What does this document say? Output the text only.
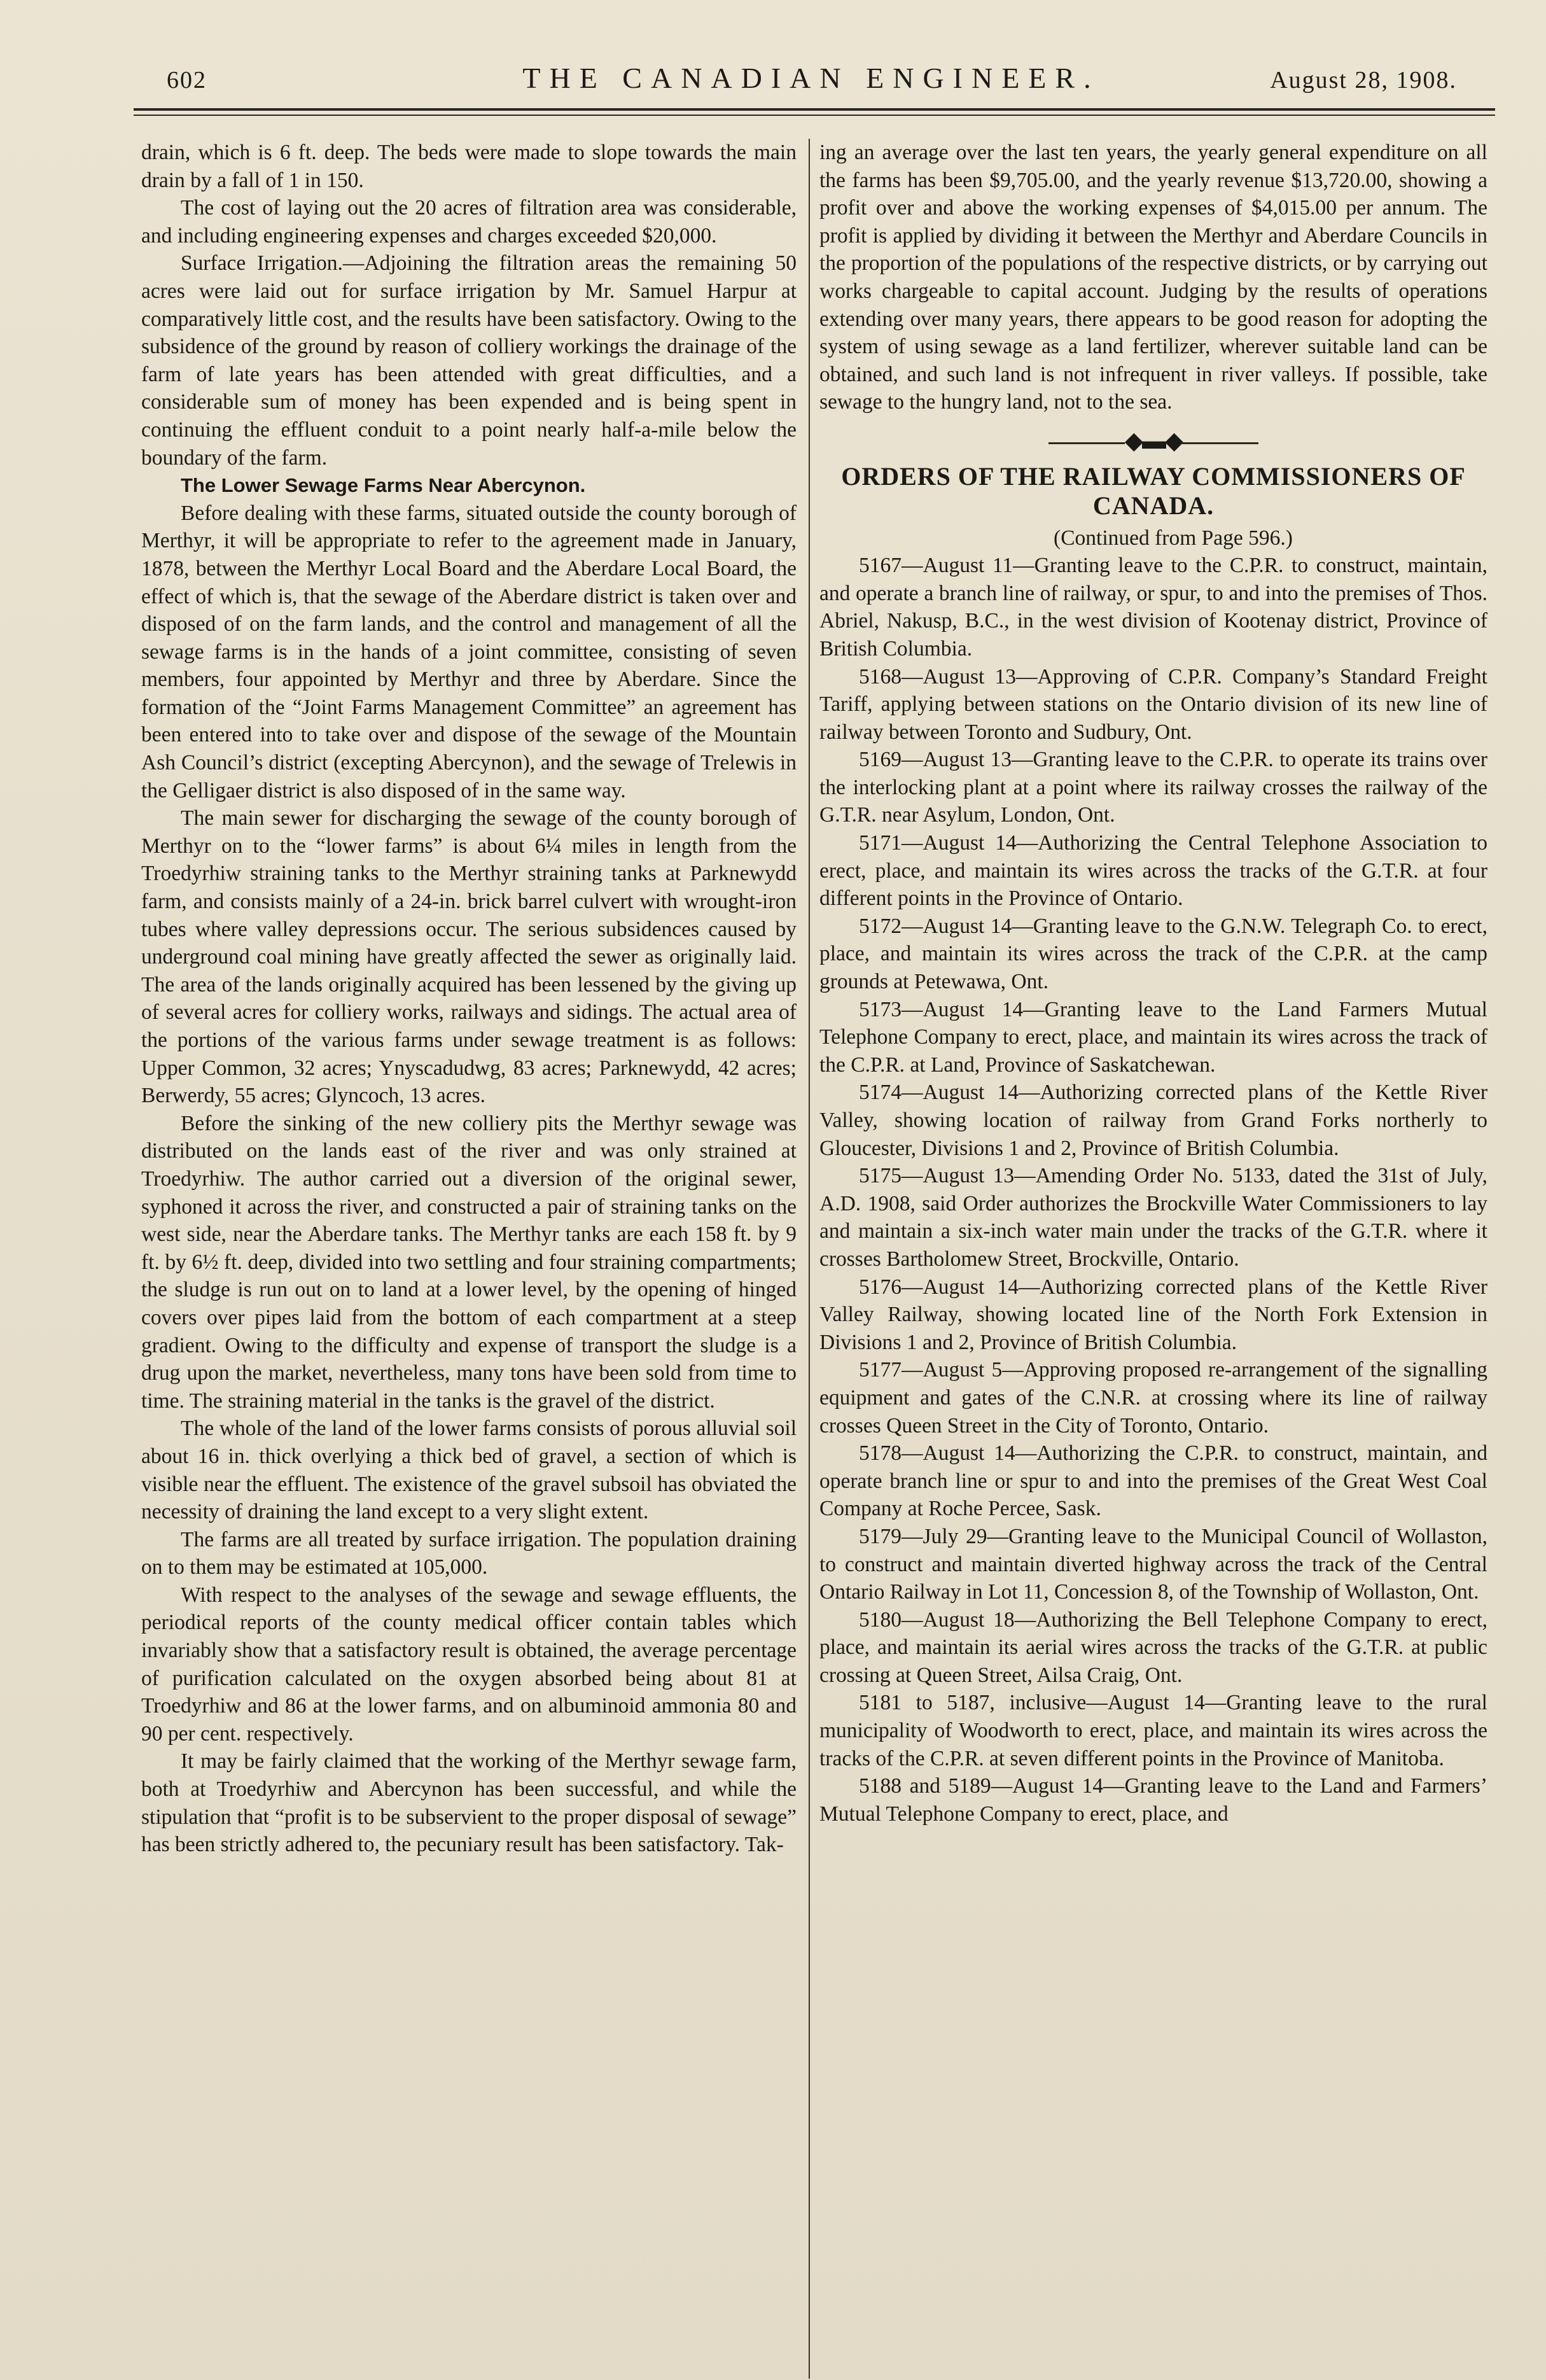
602	THE CANADIAN ENGINEER.	August 28, 1908.

drain, which is 6 ft. deep. The beds were made to slope towards the main drain by a fall of 1 in 150.

The cost of laying out the 20 acres of filtration area was considerable, and including engineering expenses and charges exceeded $20,000.

Surface Irrigation.—Adjoining the filtration areas the remaining 50 acres were laid out for surface irrigation by Mr. Samuel Harpur at comparatively little cost, and the results have been satisfactory. Owing to the subsidence of the ground by reason of colliery workings the drainage of the farm of late years has been attended with great difficulties, and a considerable sum of money has been expended and is being spent in continuing the effluent conduit to a point nearly half-a-mile below the boundary of the farm.

The Lower Sewage Farms Near Abercynon.

Before dealing with these farms, situated outside the county borough of Merthyr, it will be appropriate to refer to the agreement made in January, 1878, between the Merthyr Local Board and the Aberdare Local Board, the effect of which is, that the sewage of the Aberdare district is taken over and disposed of on the farm lands, and the control and management of all the sewage farms is in the hands of a joint committee, consisting of seven members, four appointed by Merthyr and three by Aberdare. Since the formation of the “Joint Farms Management Committee” an agreement has been entered into to take over and dispose of the sewage of the Mountain Ash Council’s district (excepting Abercynon), and the sewage of Trelewis in the Gelligaer district is also disposed of in the same way.

The main sewer for discharging the sewage of the county borough of Merthyr on to the “lower farms” is about 6¼ miles in length from the Troedyrhiw straining tanks to the Merthyr straining tanks at Parknewydd farm, and consists mainly of a 24-in. brick barrel culvert with wrought-iron tubes where valley depressions occur. The serious subsidences caused by underground coal mining have greatly affected the sewer as originally laid. The area of the lands originally acquired has been lessened by the giving up of several acres for colliery works, railways and sidings. The actual area of the portions of the various farms under sewage treatment is as follows: Upper Common, 32 acres; Ynyscadudwg, 83 acres; Parknewydd, 42 acres; Berwerdy, 55 acres; Glyncoch, 13 acres.

Before the sinking of the new colliery pits the Merthyr sewage was distributed on the lands east of the river and was only strained at Troedyrhiw. The author carried out a diversion of the original sewer, syphoned it across the river, and constructed a pair of straining tanks on the west side, near the Aberdare tanks. The Merthyr tanks are each 158 ft. by 9 ft. by 6½ ft. deep, divided into two settling and four straining compartments; the sludge is run out on to land at a lower level, by the opening of hinged covers over pipes laid from the bottom of each compartment at a steep gradient. Owing to the difficulty and expense of transport the sludge is a drug upon the market, nevertheless, many tons have been sold from time to time. The straining material in the tanks is the gravel of the district.

The whole of the land of the lower farms consists of porous alluvial soil about 16 in. thick overlying a thick bed of gravel, a section of which is visible near the effluent. The existence of the gravel subsoil has obviated the necessity of draining the land except to a very slight extent.

The farms are all treated by surface irrigation. The population draining on to them may be estimated at 105,000.

With respect to the analyses of the sewage and sewage effluents, the periodical reports of the county medical officer contain tables which invariably show that a satisfactory result is obtained, the average percentage of purification calculated on the oxygen absorbed being about 81 at Troedyrhiw and 86 at the lower farms, and on albuminoid ammonia 80 and 90 per cent. respectively.

It may be fairly claimed that the working of the Merthyr sewage farm, both at Troedyrhiw and Abercynon has been successful, and while the stipulation that “profit is to be subservient to the proper disposal of sewage” has been strictly adhered to, the pecuniary result has been satisfactory. Tak-

ing an average over the last ten years, the yearly general expenditure on all the farms has been $9,705.00, and the yearly revenue $13,720.00, showing a profit over and above the working expenses of $4,015.00 per annum. The profit is applied by dividing it between the Merthyr and Aberdare Councils in the proportion of the populations of the respective districts, or by carrying out works chargeable to capital account. Judging by the results of operations extending over many years, there appears to be good reason for adopting the system of using sewage as a land fertilizer, wherever suitable land can be obtained, and such land is not infrequent in river valleys. If possible, take sewage to the hungry land, not to the sea.

◆▬◆
ORDERS OF THE RAILWAY COMMISSIONERS OF CANADA.

(Continued from Page 596.)

5167—August 11—Granting leave to the C.P.R. to construct, maintain, and operate a branch line of railway, or spur, to and into the premises of Thos. Abriel, Nakusp, B.C., in the west division of Kootenay district, Province of British Columbia.

5168—August 13—Approving of C.P.R. Company’s Standard Freight Tariff, applying between stations on the Ontario division of its new line of railway between Toronto and Sudbury, Ont.

5169—August 13—Granting leave to the C.P.R. to operate its trains over the interlocking plant at a point where its railway crosses the railway of the G.T.R. near Asylum, London, Ont.

5171—August 14—Authorizing the Central Telephone Association to erect, place, and maintain its wires across the tracks of the G.T.R. at four different points in the Province of Ontario.

5172—August 14—Granting leave to the G.N.W. Telegraph Co. to erect, place, and maintain its wires across the track of the C.P.R. at the camp grounds at Petewawa, Ont.

5173—August 14—Granting leave to the Land Farmers Mutual Telephone Company to erect, place, and maintain its wires across the track of the C.P.R. at Land, Province of Saskatchewan.

5174—August 14—Authorizing corrected plans of the Kettle River Valley, showing location of railway from Grand Forks northerly to Gloucester, Divisions 1 and 2, Province of British Columbia.

5175—August 13—Amending Order No. 5133, dated the 31st of July, A.D. 1908, said Order authorizes the Brockville Water Commissioners to lay and maintain a six-inch water main under the tracks of the G.T.R. where it crosses Bartholomew Street, Brockville, Ontario.

5176—August 14—Authorizing corrected plans of the Kettle River Valley Railway, showing located line of the North Fork Extension in Divisions 1 and 2, Province of British Columbia.

5177—August 5—Approving proposed re-arrangement of the signalling equipment and gates of the C.N.R. at crossing where its line of railway crosses Queen Street in the City of Toronto, Ontario.

5178—August 14—Authorizing the C.P.R. to construct, maintain, and operate branch line or spur to and into the premises of the Great West Coal Company at Roche Percee, Sask.

5179—July 29—Granting leave to the Municipal Council of Wollaston, to construct and maintain diverted highway across the track of the Central Ontario Railway in Lot 11, Concession 8, of the Township of Wollaston, Ont.

5180—August 18—Authorizing the Bell Telephone Company to erect, place, and maintain its aerial wires across the tracks of the G.T.R. at public crossing at Queen Street, Ailsa Craig, Ont.

5181 to 5187, inclusive—August 14—Granting leave to the rural municipality of Woodworth to erect, place, and maintain its wires across the tracks of the C.P.R. at seven different points in the Province of Manitoba.

5188 and 5189—August 14—Granting leave to the Land and Farmers’ Mutual Telephone Company to erect, place, and
